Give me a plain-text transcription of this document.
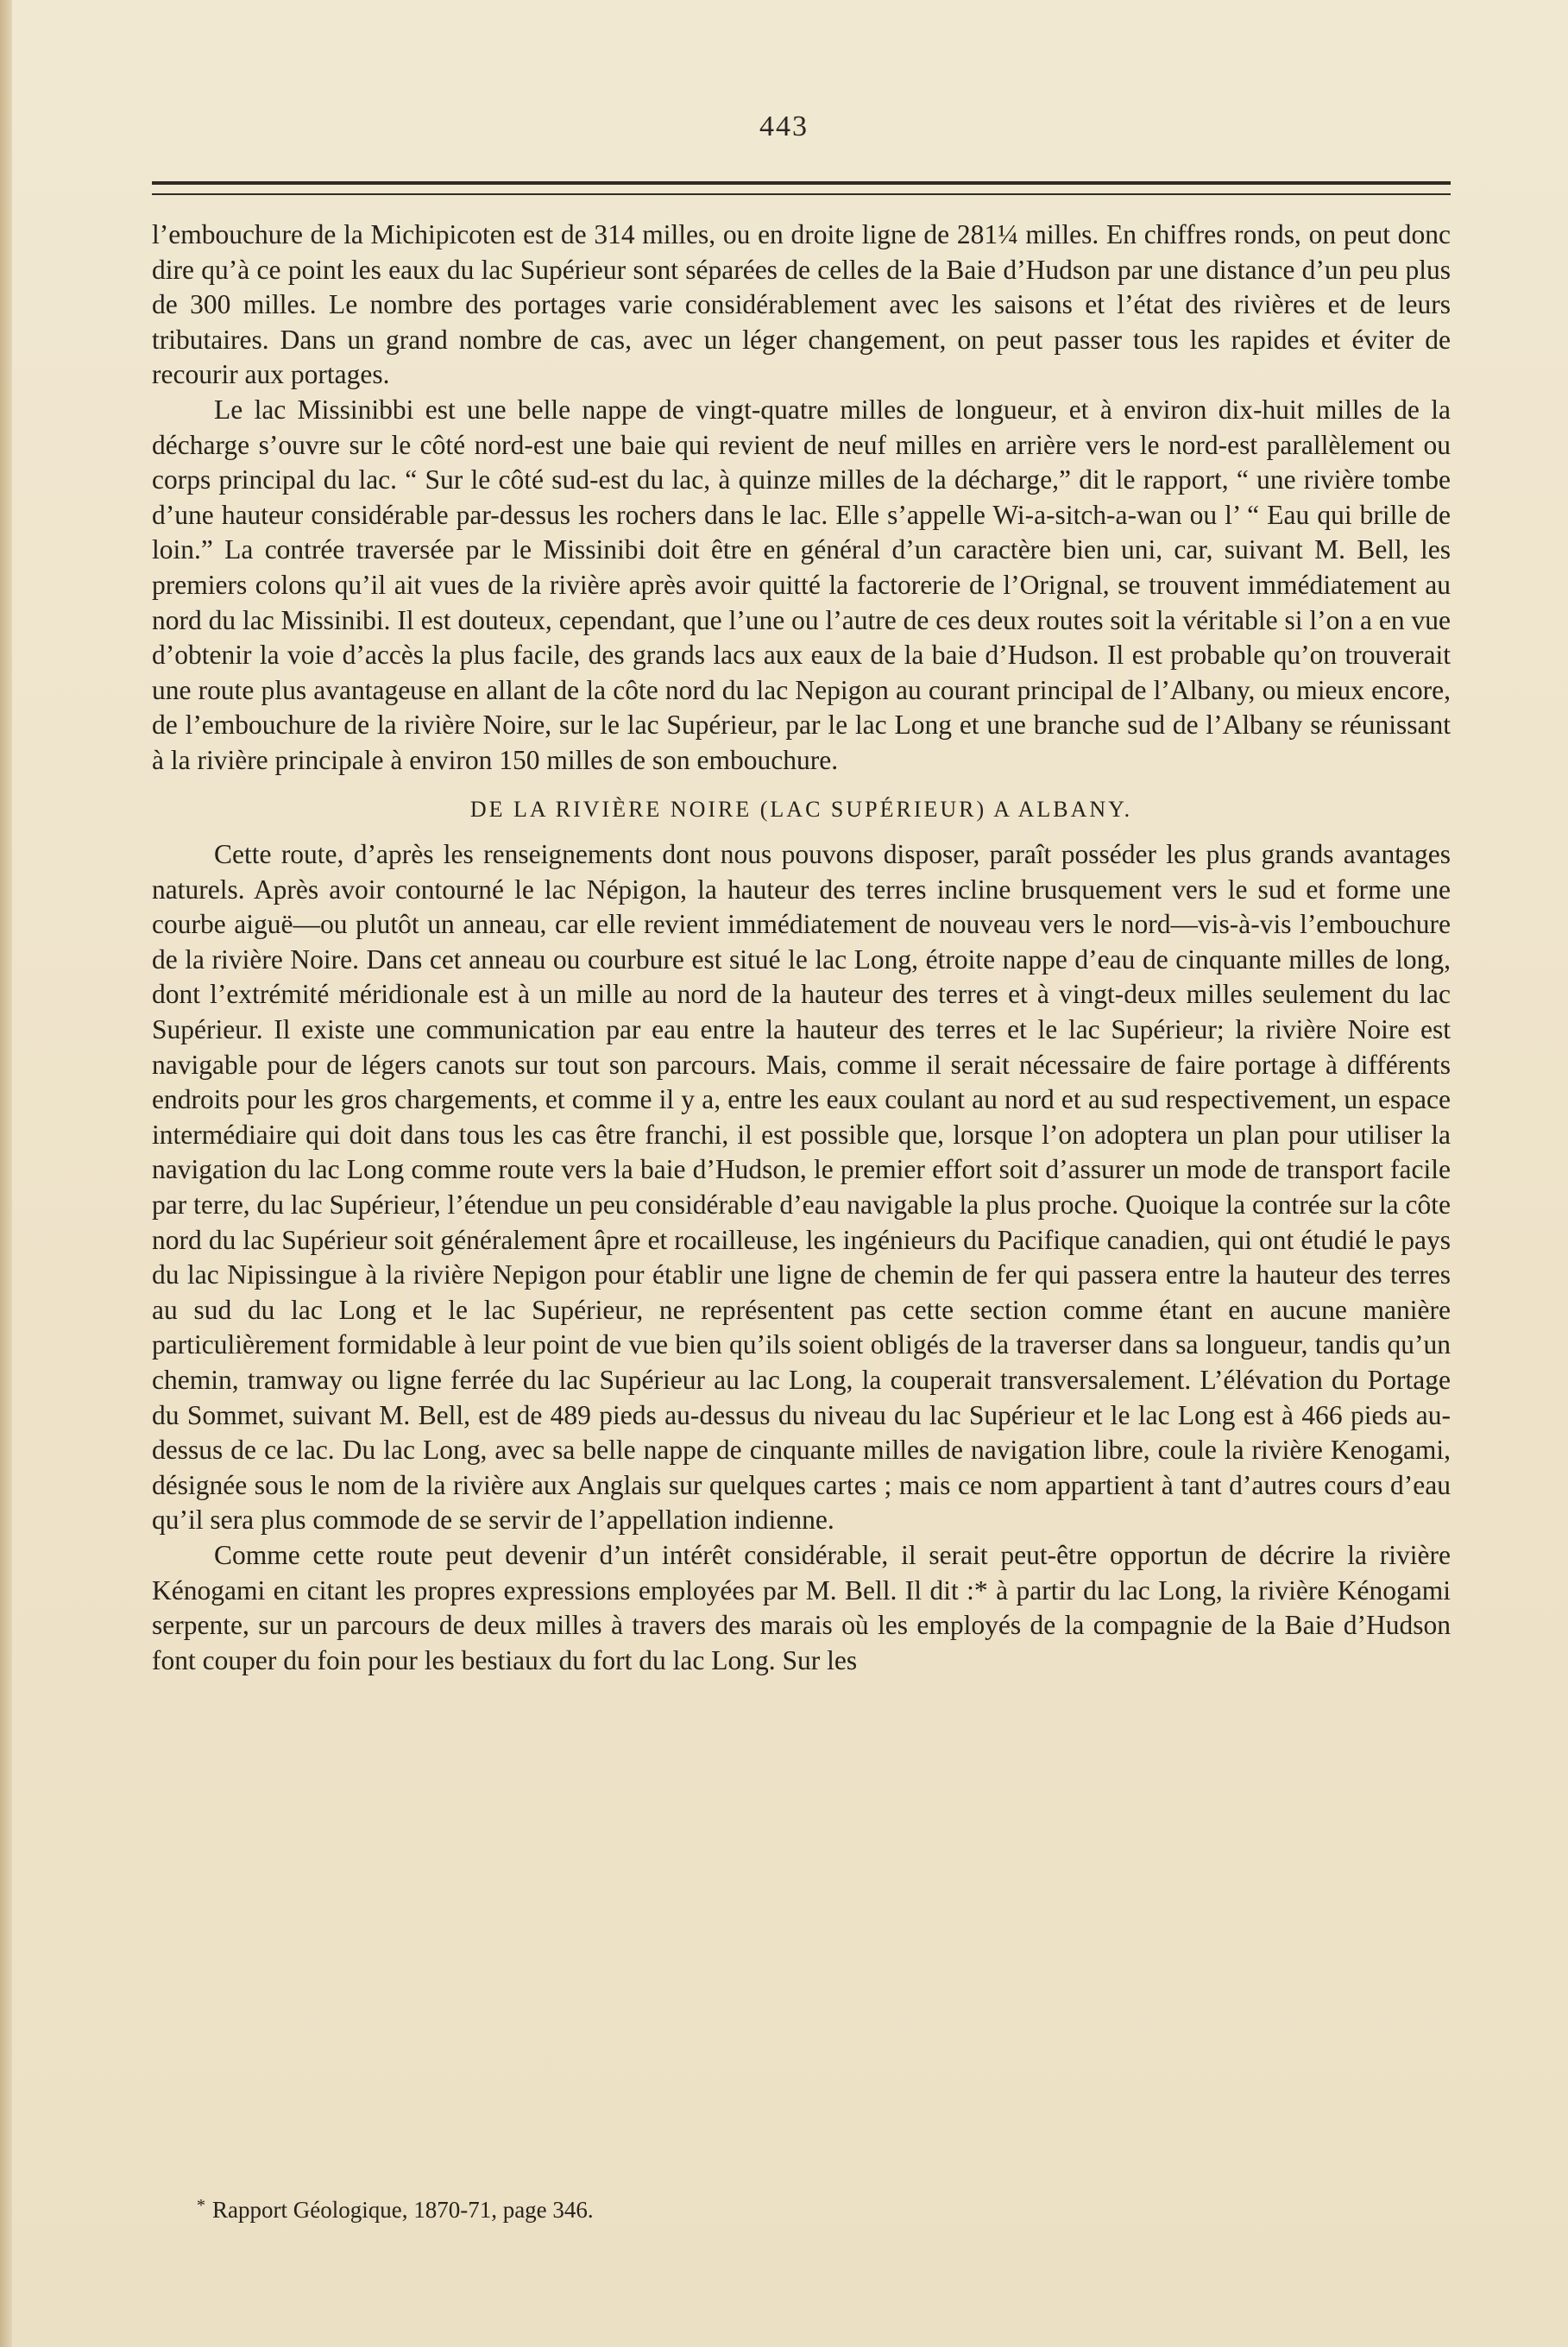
443

l’embouchure de la Michipicoten est de 314 milles, ou en droite ligne de 281¼ milles. En chiffres ronds, on peut donc dire qu’à ce point les eaux du lac Supérieur sont séparées de celles de la Baie d’Hudson par une distance d’un peu plus de 300 milles. Le nombre des portages varie considérablement avec les saisons et l’état des rivières et de leurs tributaires. Dans un grand nombre de cas, avec un léger changement, on peut passer tous les rapides et éviter de recourir aux portages.

Le lac Missinibbi est une belle nappe de vingt-quatre milles de longueur, et à environ dix-huit milles de la décharge s’ouvre sur le côté nord-est une baie qui revient de neuf milles en arrière vers le nord-est parallèlement ou corps principal du lac. “ Sur le côté sud-est du lac, à quinze milles de la décharge,” dit le rapport, “ une rivière tombe d’une hauteur considérable par-dessus les rochers dans le lac. Elle s’appelle Wi-a-sitch-a-wan ou l’ “ Eau qui brille de loin.” La contrée traversée par le Missinibi doit être en général d’un caractère bien uni, car, suivant M. Bell, les premiers colons qu’il ait vues de la rivière après avoir quitté la factorerie de l’Orignal, se trouvent immédiatement au nord du lac Missinibi. Il est douteux, cependant, que l’une ou l’autre de ces deux routes soit la véritable si l’on a en vue d’obtenir la voie d’accès la plus facile, des grands lacs aux eaux de la baie d’Hudson. Il est probable qu’on trouverait une route plus avantageuse en allant de la côte nord du lac Nepigon au courant principal de l’Albany, ou mieux encore, de l’embouchure de la rivière Noire, sur le lac Supérieur, par le lac Long et une branche sud de l’Albany se réunissant à la rivière principale à environ 150 milles de son embouchure.

DE LA RIVIÈRE NOIRE (LAC SUPÉRIEUR) A ALBANY.

Cette route, d’après les renseignements dont nous pouvons disposer, paraît posséder les plus grands avantages naturels. Après avoir contourné le lac Népigon, la hauteur des terres incline brusquement vers le sud et forme une courbe aiguë—ou plutôt un anneau, car elle revient immédiatement de nouveau vers le nord—vis-à-vis l’embouchure de la rivière Noire. Dans cet anneau ou courbure est situé le lac Long, étroite nappe d’eau de cinquante milles de long, dont l’extrémité méridionale est à un mille au nord de la hauteur des terres et à vingt-deux milles seulement du lac Supérieur. Il existe une communication par eau entre la hauteur des terres et le lac Supérieur; la rivière Noire est navigable pour de légers canots sur tout son parcours. Mais, comme il serait nécessaire de faire portage à différents endroits pour les gros chargements, et comme il y a, entre les eaux coulant au nord et au sud respectivement, un espace intermédiaire qui doit dans tous les cas être franchi, il est possible que, lorsque l’on adoptera un plan pour utiliser la navigation du lac Long comme route vers la baie d’Hudson, le premier effort soit d’assurer un mode de transport facile par terre, du lac Supérieur, l’étendue un peu considérable d’eau navigable la plus proche. Quoique la contrée sur la côte nord du lac Supérieur soit généralement âpre et rocailleuse, les ingénieurs du Pacifique canadien, qui ont étudié le pays du lac Nipissingue à la rivière Nepigon pour établir une ligne de chemin de fer qui passera entre la hauteur des terres au sud du lac Long et le lac Supérieur, ne représentent pas cette section comme étant en aucune manière particulièrement formidable à leur point de vue bien qu’ils soient obligés de la traverser dans sa longueur, tandis qu’un chemin, tramway ou ligne ferrée du lac Supérieur au lac Long, la couperait transversalement. L’élévation du Portage du Sommet, suivant M. Bell, est de 489 pieds au-dessus du niveau du lac Supérieur et le lac Long est à 466 pieds au-dessus de ce lac. Du lac Long, avec sa belle nappe de cinquante milles de navigation libre, coule la rivière Kenogami, désignée sous le nom de la rivière aux Anglais sur quelques cartes ; mais ce nom appartient à tant d’autres cours d’eau qu’il sera plus commode de se servir de l’appellation indienne.

Comme cette route peut devenir d’un intérêt considérable, il serait peut-être opportun de décrire la rivière Kénogami en citant les propres expressions employées par M. Bell. Il dit :* à partir du lac Long, la rivière Kénogami serpente, sur un parcours de deux milles à travers des marais où les employés de la compagnie de la Baie d’Hudson font couper du foin pour les bestiaux du fort du lac Long. Sur les

* Rapport Géologique, 1870-71, page 346.
